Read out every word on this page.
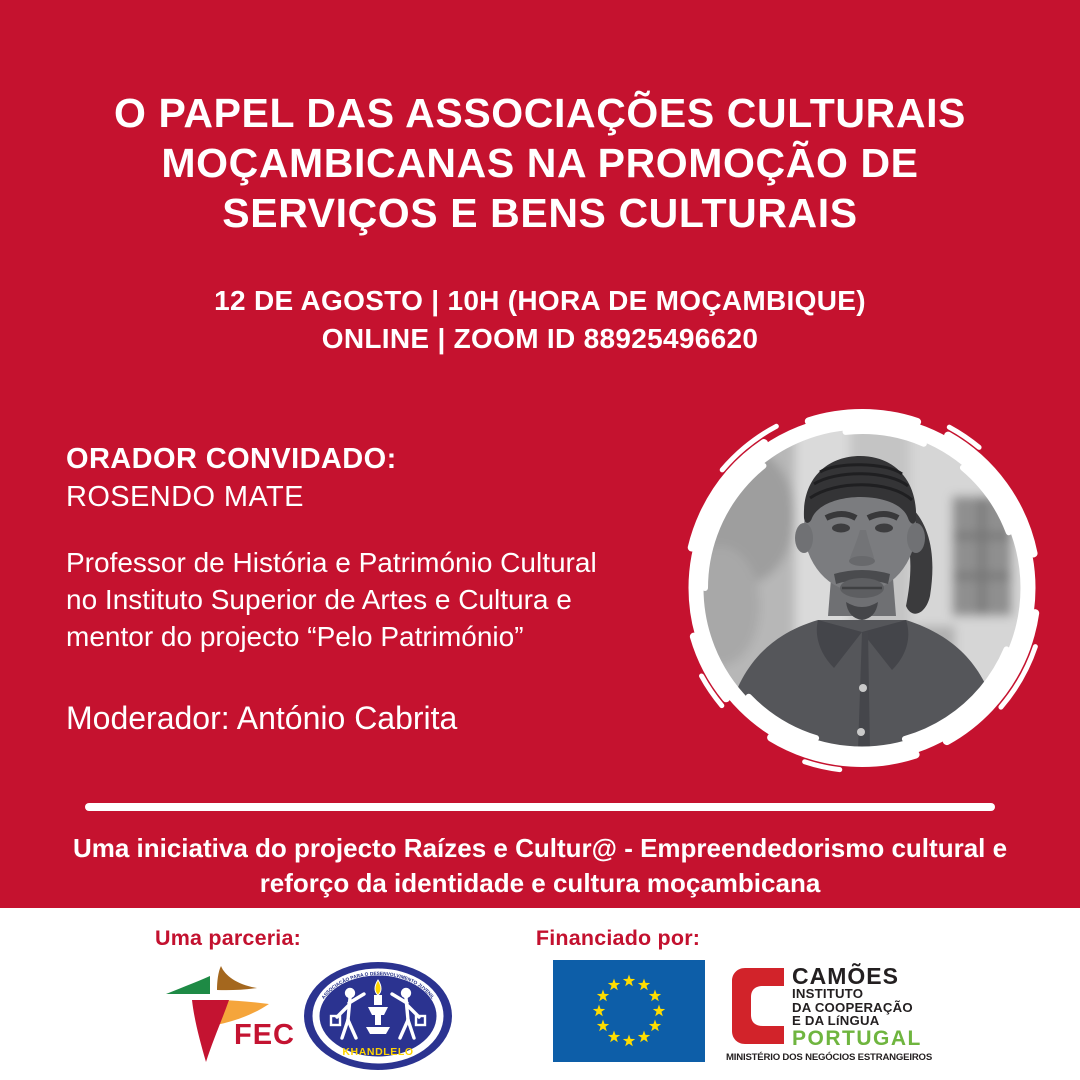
O PAPEL DAS ASSOCIAÇÕES CULTURAIS
MOÇAMBICANAS NA PROMOÇÃO DE
SERVIÇOS E BENS CULTURAIS
12 DE AGOSTO | 10H (HORA DE MOÇAMBIQUE)
ONLINE | ZOOM ID 88925496620
ORADOR CONVIDADO:
ROSENDO MATE
Professor de História e Património Cultural
no Instituto Superior de Artes e Cultura e
mentor do projecto “Pelo Património”
Moderador: António Cabrita
Uma iniciativa do projecto Raízes e Cultur@ - Empreendedorismo cultural e
reforço da identidade e cultura moçambicana
Uma parceria:	Financiado por:
FEC
ASSOCIAÇÃO PARA O DESENVOLVIMENTO JUVENIL
KHANDLELO
CAMÕES
INSTITUTO
DA COOPERAÇÃO
E DA LíNGUA
PORTUGAL
MINISTÉRIO DOS NEGÓCIOS ESTRANGEIROS
